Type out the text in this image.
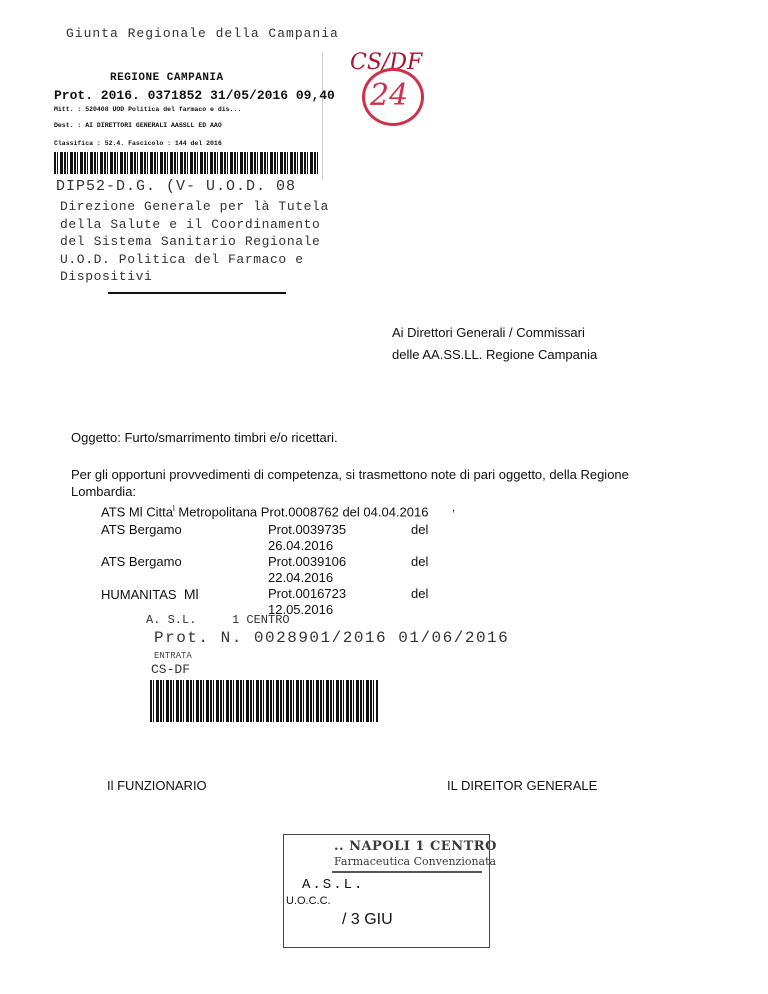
Giunta Regionale della Campania
REGIONE CAMPANIA
Prot. 2016. 0371852 31/05/2016 09,40
Mitt. : 520408 UOD Politica del farmaco e dis...
Dest. : AI DIRETTORI GENERALI AASSLL ED AAO
Classifica : 52.4. Fascicolo : 144 del 2016
CS/DF
24
DIP52-D.G. (V- U.O.D. 08
Direzione Generale per là Tutela
della Salute e il Coordinamento
del Sistema Sanitario Regionale
U.O.D. Politica del Farmaco e
Dispositivi
Ai Direttori Generali / Commissari
delle AA.SS.LL. Regione Campania
Oggetto: Furto/smarrimento timbri e/o ricettari.
Per gli opportuni provvedimenti di competenza, si trasmettono note di pari oggetto, della Regione Lombardia:
ATS Ml Citta$^l$ Metropolitana Prot.0008762 del 04.04.2016
ATS Bergamo	Prot.0039735	del
26.04.2016
ATS Bergamo	Prot.0039106	del
22.04.2016
HUMANITAS Ml	Prot.0016723	del
12.05.2016
,
A. S.L.	1 CENTRO
Prot. N. 0028901/2016 01/06/2016
ENTRATA
CS-DF
Il FUNZIONARIO	IL DIREITOR GENERALE
.. NAPOLI 1 CENTRO
Farmaceutica Convenzionata
A.S.L.
U.O.C.C.
/ 3 GIU
